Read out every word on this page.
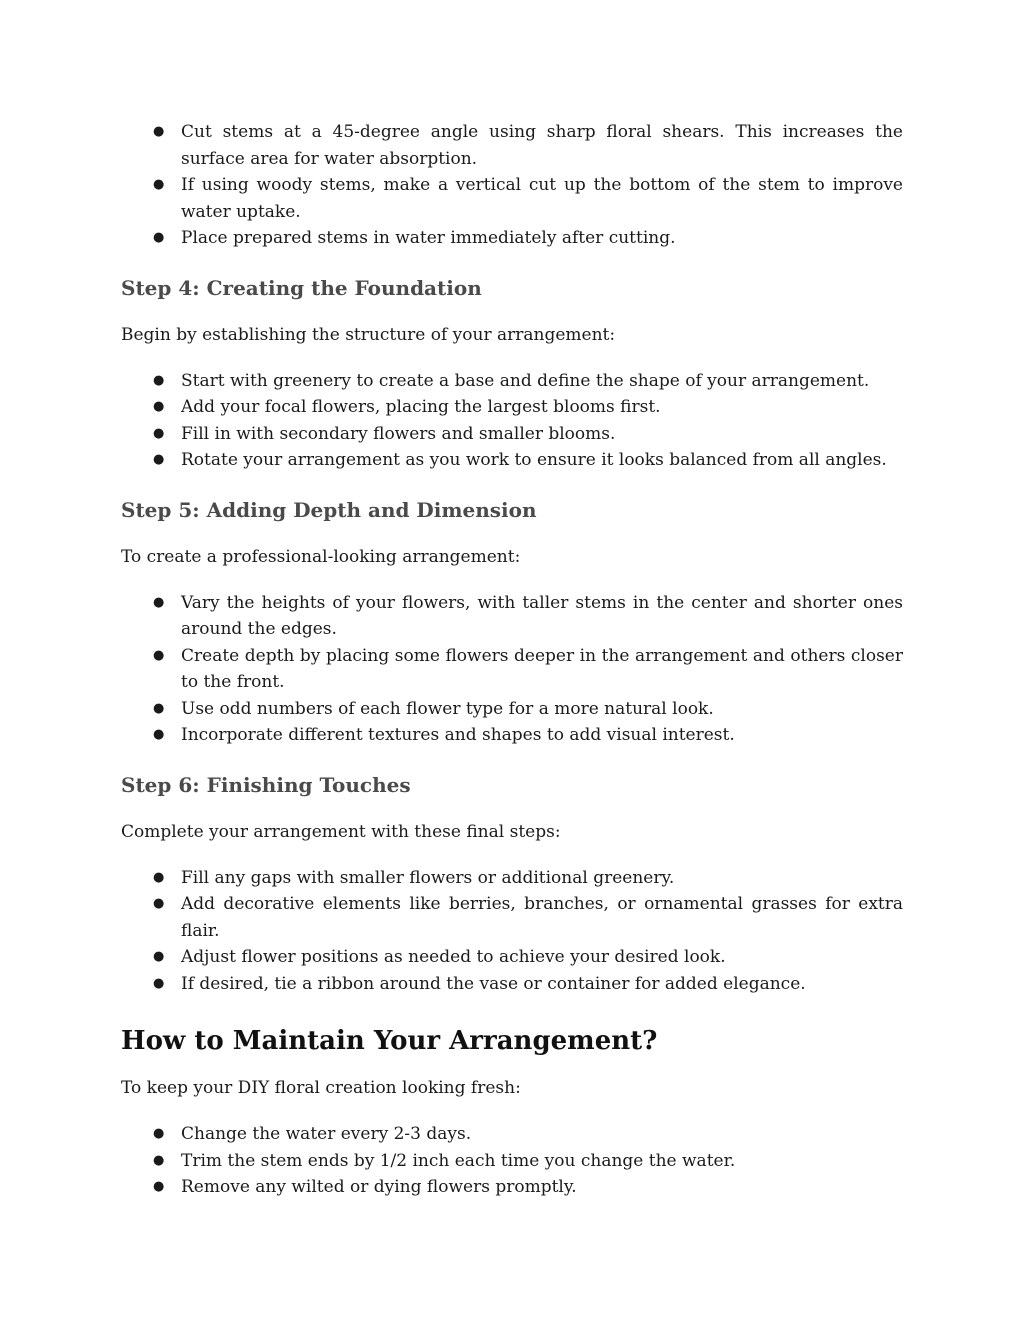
● Cut stems at a 45-degree angle using sharp floral shears. This increases the surface area for water absorption.
● If using woody stems, make a vertical cut up the bottom of the stem to improve water uptake.
● Place prepared stems in water immediately after cutting.
Step 4: Creating the Foundation

Begin by establishing the structure of your arrangement:

● Start with greenery to create a base and define the shape of your arrangement.
● Add your focal flowers, placing the largest blooms first.
● Fill in with secondary flowers and smaller blooms.
● Rotate your arrangement as you work to ensure it looks balanced from all angles.
Step 5: Adding Depth and Dimension

To create a professional-looking arrangement:

● Vary the heights of your flowers, with taller stems in the center and shorter ones around the edges.
● Create depth by placing some flowers deeper in the arrangement and others closer to the front.
● Use odd numbers of each flower type for a more natural look.
● Incorporate different textures and shapes to add visual interest.
Step 6: Finishing Touches

Complete your arrangement with these final steps:

● Fill any gaps with smaller flowers or additional greenery.
● Add decorative elements like berries, branches, or ornamental grasses for extra flair.
● Adjust flower positions as needed to achieve your desired look.
● If desired, tie a ribbon around the vase or container for added elegance.
How to Maintain Your Arrangement?

To keep your DIY floral creation looking fresh:

● Change the water every 2-3 days.
● Trim the stem ends by 1/2 inch each time you change the water.
● Remove any wilted or dying flowers promptly.
